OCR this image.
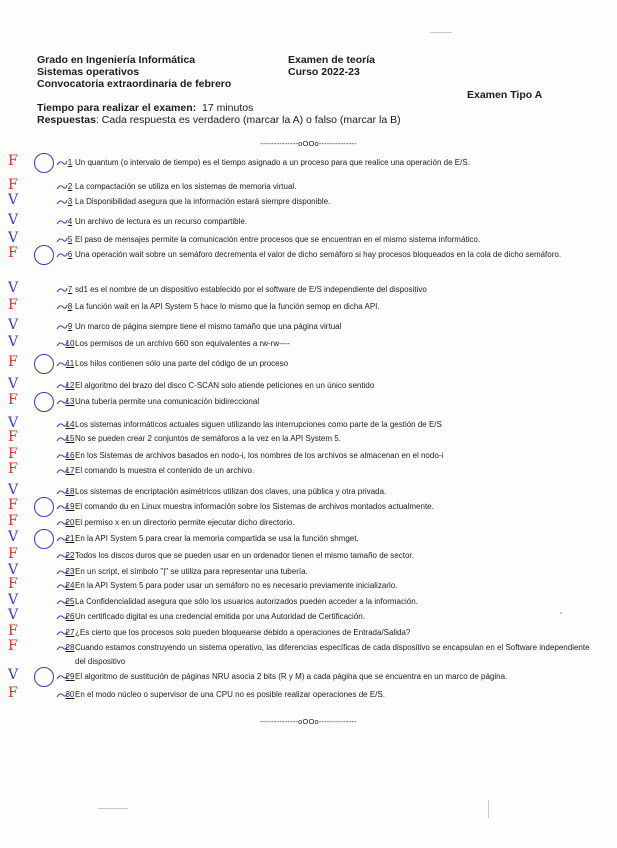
Grado en Ingeniería Informática
Sistemas operativos
Convocatoria extraordinaria de febrero
Examen de teoría
Curso 2022-23
Examen Tipo A
Tiempo para realizar el examen: 17 minutos
Respuestas: Cada respuesta es verdadero (marcar la A) o falso (marcar la B)
--------------oOOo--------------
F	1 Un quantum (o intervalo de tiempo) es el tiempo asignado a un proceso para que realice una operación de E/S.
F	2 La compactación se utiliza en los sistemas de memoria virtual.
V	3 La Disponibilidad asegura que la información estará siempre disponible.
V	4 Un archivo de lectura es un recurso compartible.
V	5 El paso de mensajes permite la comunicación entre procesos que se encuentran en el mismo sistema informático.
F	6 Una operación wait sobre un semáforo decrementa el valor de dicho semáforo si hay procesos bloqueados en la cola de dicho semáforo.
V	7 sd1 es el nombre de un dispositivo establecido por el software de E/S independiente del dispositivo
F	8 La función wait en la API System 5 hace lo mismo que la función semop en dicha API.
V	9 Un marco de página siempre tiene el mismo tamaño que una página virtual
V	10 Los permisos de un archivo 660 son equivalentes a rw-rw----
F	11 Los hilos contienen sólo una parte del código de un proceso
V	12 El algoritmo del brazo del disco C-SCAN solo atiende peticiones en un único sentido
F	13 Una tubería permite una comunicación bidireccional
V	14 Los sistemas informáticos actuales siguen utilizando las interrupciones como parte de la gestión de E/S
F	15 No se pueden crear 2 conjuntos de semáforos a la vez en la API System 5.
F	16 En los Sistemas de archivos basados en nodo-i, los nombres de los archivos se almacenan en el nodo-i
F	17 El comando ls muestra el contenido de un archivo.
V	18 Los sistemas de encriptación asimétricos utilizan dos claves, una pública y otra privada.
F	19 El comando du en Linux muestra información sobre los Sistemas de archivos montados actualmente.
F	20 El permiso x en un directorio permite ejecutar dicho directorio.
V	21 En la API System 5 para crear la memoria compartida se usa la función shmget.
F	22 Todos los discos duros que se pueden usar en un ordenador tienen el mismo tamaño de sector.
V	23 En un script, el símbolo "|" se utiliza para representar una tubería.
F	24 En la API System 5 para poder usar un semáforo no es necesario previamente inicializarlo.
V	25 La Confidencialidad asegura que sólo los usuarios autorizados pueden acceder a la información.
V	26 Un certificado digital es una credencial emitida por una Autoridad de Certificación.
F	27 ¿Es cierto que los procesos solo pueden bloquearse debido a operaciones de Entrada/Salida?
F	28 Cuando estamos construyendo un sistema operativo, las diferencias específicas de cada dispositivo se encapsulan en el Software independiente del dispositivo
V	29 El algoritmo de sustitución de páginas NRU asocia 2 bits (R y M) a cada página que se encuentra en un marco de página.
F	30 En el modo núcleo o supervisor de una CPU no es posible realizar operaciones de E/S.
--------------oOOo--------------
